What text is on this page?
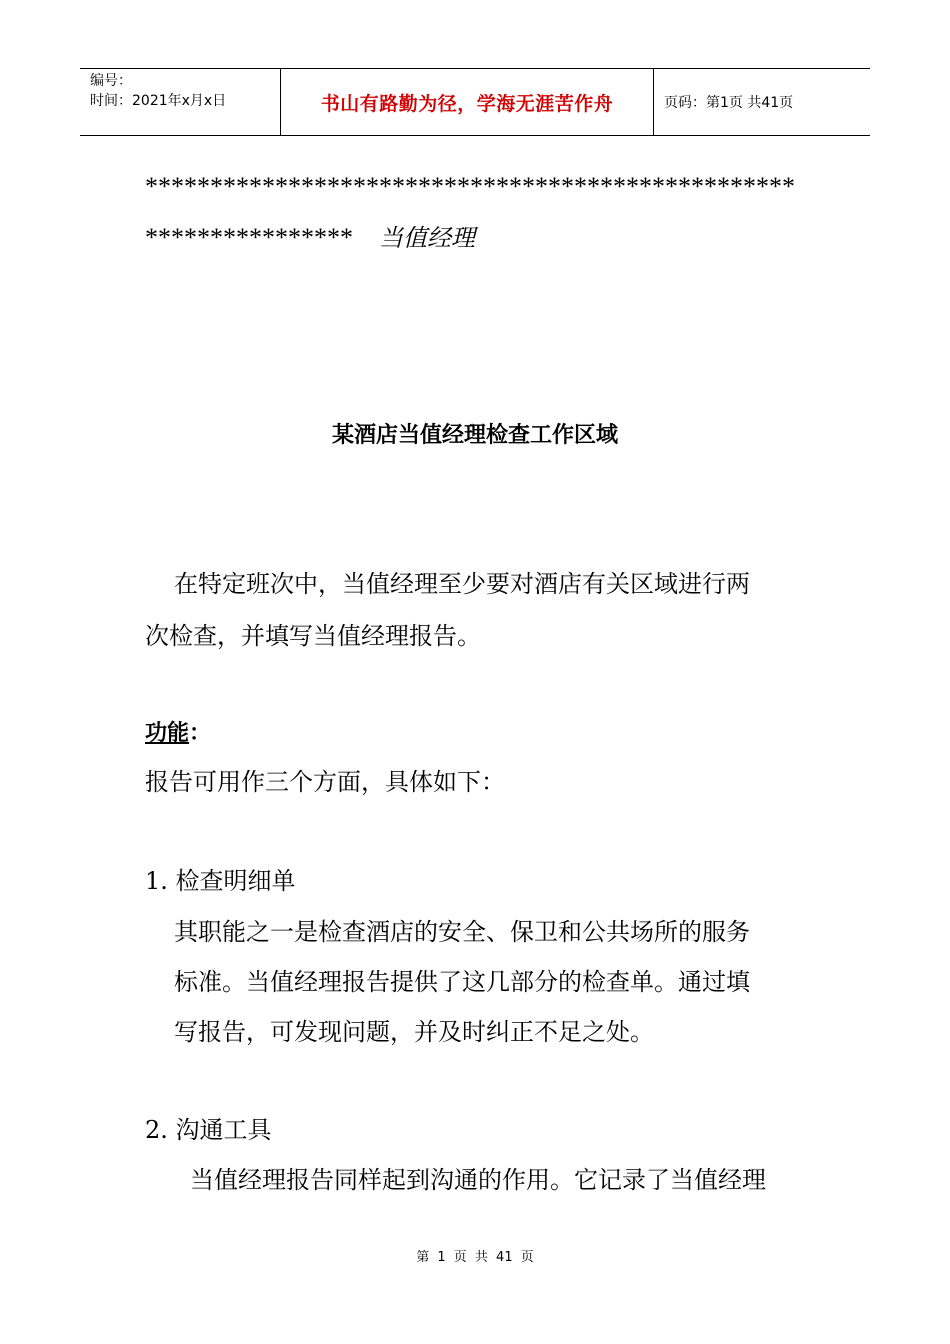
编号：
时间：2021年x月x日	书山有路勤为径，学海无涯苦作舟	页码：第1页 共41页
**************************************************
**************** 当值经理
某酒店当值经理检查工作区域
在特定班次中，当值经理至少要对酒店有关区域进行两
次检查，并填写当值经理报告。
功能：
报告可用作三个方面，具体如下：
1. 检查明细单
其职能之一是检查酒店的安全、保卫和公共场所的服务
标准。当值经理报告提供了这几部分的检查单。通过填
写报告，可发现问题，并及时纠正不足之处。
2. 沟通工具
当值经理报告同样起到沟通的作用。它记录了当值经理
第 1 页 共 41 页
